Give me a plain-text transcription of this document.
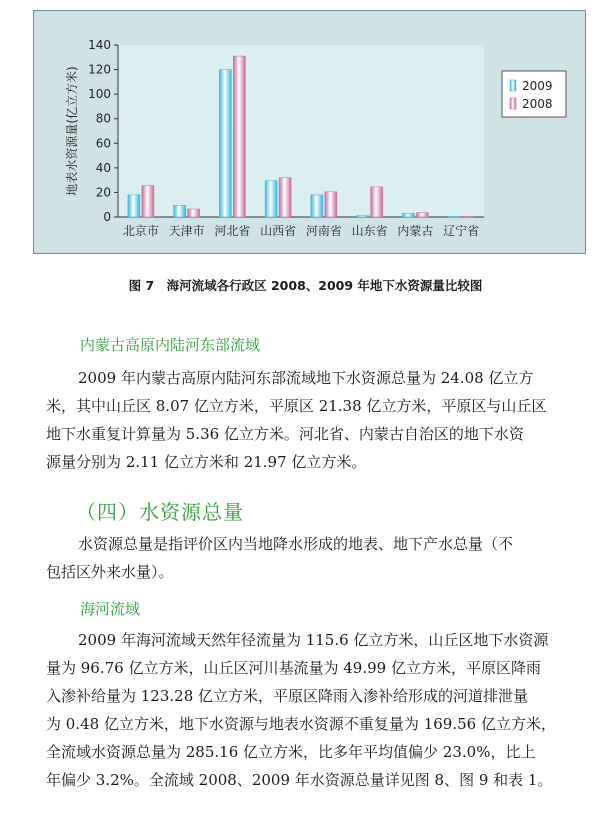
0
20
40
60
80
100
120
140
地表水资源量(亿立方米)
北京市 天津市 河北省 山西省 河南省 山东省 内蒙古 辽宁省
2009
2008
图 7　海河流域各行政区 2008、2009 年地下水资源量比较图
内蒙古高原内陆河东部流域
2009 年内蒙古高原内陆河东部流域地下水资源总量为 24.08 亿立方
米，其中山丘区 8.07 亿立方米，平原区 21.38 亿立方米，平原区与山丘区
地下水重复计算量为 5.36 亿立方米。河北省、内蒙古自治区的地下水资
源量分别为 2.11 亿立方米和 21.97 亿立方米。
（四）水资源总量
水资源总量是指评价区内当地降水形成的地表、地下产水总量（不
包括区外来水量）。
海河流域
2009 年海河流域天然年径流量为 115.6 亿立方米，山丘区地下水资源
量为 96.76 亿立方米，山丘区河川基流量为 49.99 亿立方米，平原区降雨
入渗补给量为 123.28 亿立方米，平原区降雨入渗补给形成的河道排泄量
为 0.48 亿立方米，地下水资源与地表水资源不重复量为 169.56 亿立方米，
全流域水资源总量为 285.16 亿立方米，比多年平均值偏少 23.0%，比上
年偏少 3.2%。全流域 2008、2009 年水资源总量详见图 8、图 9 和表 1。
